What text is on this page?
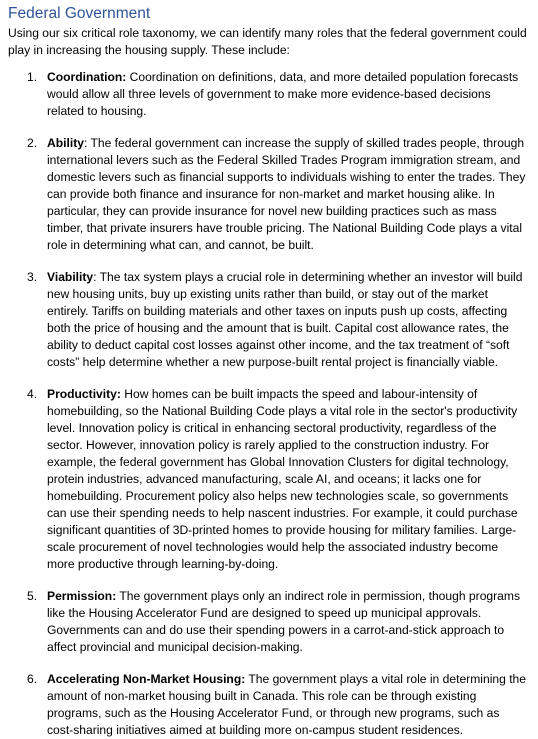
Federal Government

Using our six critical role taxonomy, we can identify many roles that the federal government could play in increasing the housing supply. These include:

1. Coordination: Coordination on definitions, data, and more detailed population forecasts would allow all three levels of government to make more evidence-based decisions related to housing.
2. Ability: The federal government can increase the supply of skilled trades people, through international levers such as the Federal Skilled Trades Program immigration stream, and domestic levers such as financial supports to individuals wishing to enter the trades. They can provide both finance and insurance for non-market and market housing alike. In particular, they can provide insurance for novel new building practices such as mass timber, that private insurers have trouble pricing. The National Building Code plays a vital role in determining what can, and cannot, be built.
3. Viability: The tax system plays a crucial role in determining whether an investor will build new housing units, buy up existing units rather than build, or stay out of the market entirely. Tariffs on building materials and other taxes on inputs push up costs, affecting both the price of housing and the amount that is built. Capital cost allowance rates, the ability to deduct capital cost losses against other income, and the tax treatment of “soft costs” help determine whether a new purpose-built rental project is financially viable.
4. Productivity: How homes can be built impacts the speed and labour-intensity of homebuilding, so the National Building Code plays a vital role in the sector's productivity level. Innovation policy is critical in enhancing sectoral productivity, regardless of the sector. However, innovation policy is rarely applied to the construction industry. For example, the federal government has Global Innovation Clusters for digital technology, protein industries, advanced manufacturing, scale AI, and oceans; it lacks one for homebuilding. Procurement policy also helps new technologies scale, so governments can use their spending needs to help nascent industries. For example, it could purchase significant quantities of 3D-printed homes to provide housing for military families. Large-scale procurement of novel technologies would help the associated industry become more productive through learning-by-doing.
5. Permission: The government plays only an indirect role in permission, though programs like the Housing Accelerator Fund are designed to speed up municipal approvals. Governments can and do use their spending powers in a carrot-and-stick approach to affect provincial and municipal decision-making.
6. Accelerating Non-Market Housing: The government plays a vital role in determining the amount of non-market housing built in Canada. This role can be through existing programs, such as the Housing Accelerator Fund, or through new programs, such as cost-sharing initiatives aimed at building more on-campus student residences.
